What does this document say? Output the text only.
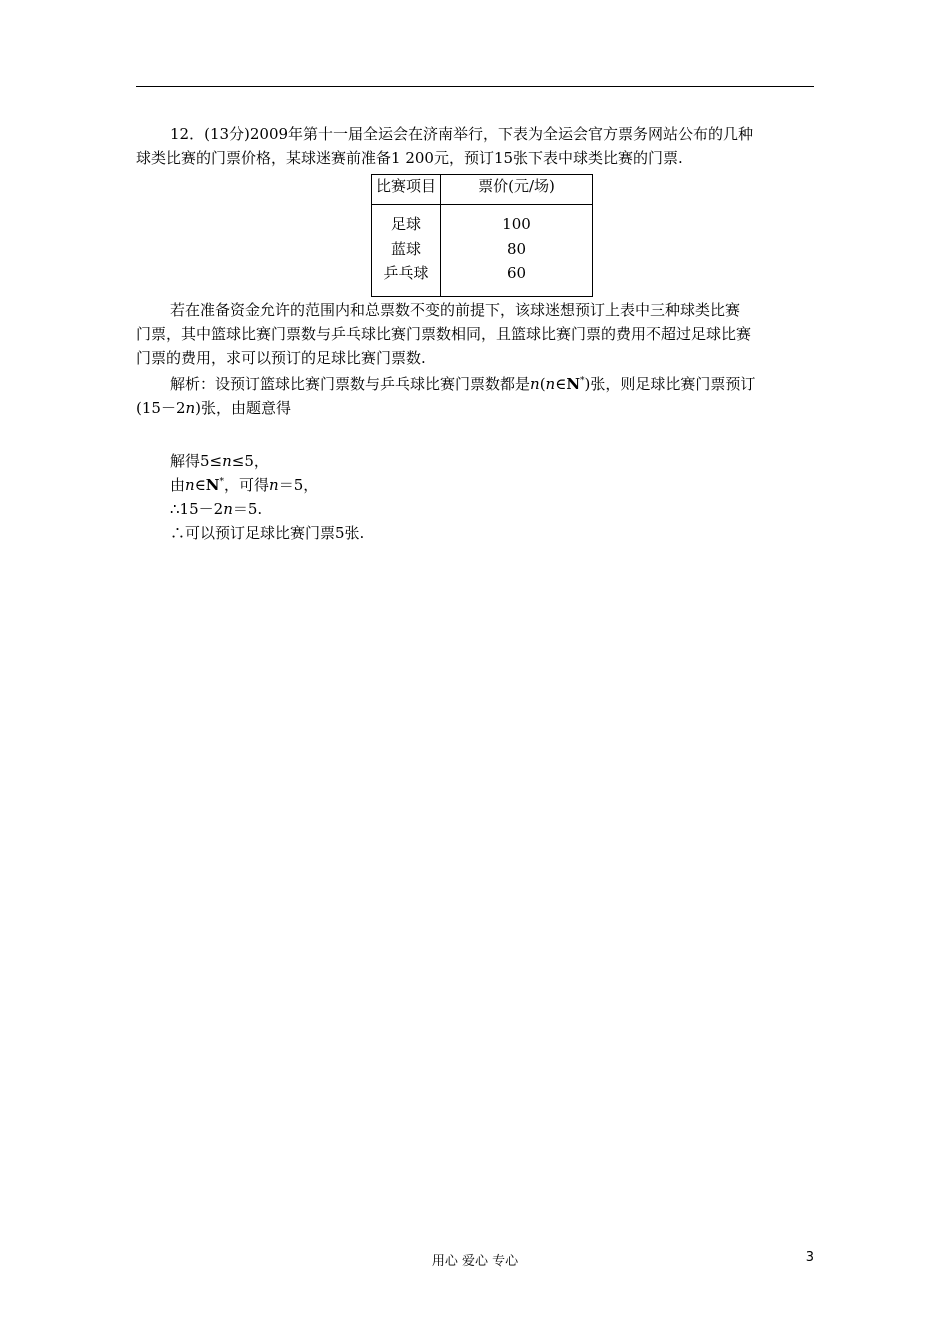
12．(13分)2009年第十一届全运会在济南举行，下表为全运会官方票务网站公布的几种

球类比赛的门票价格，某球迷赛前准备1 200元，预订15张下表中球类比赛的门票.

比赛项目	票价(元/场)
足球
蓝球
乒乓球
100
80
60

若在准备资金允许的范围内和总票数不变的前提下，该球迷想预订上表中三种球类比赛

门票，其中篮球比赛门票数与乒乓球比赛门票数相同，且篮球比赛门票的费用不超过足球比赛

门票的费用，求可以预订的足球比赛门票数.

解析：设预订篮球比赛门票数与乒乓球比赛门票数都是n(n∈N*)张，则足球比赛门票预订

(15－2n)张，由题意得

解得5≤n≤5，

由n∈N*，可得n＝5，

∴15－2n＝5.

∴可以预订足球比赛门票5张.

用心 爱心 专心	3
